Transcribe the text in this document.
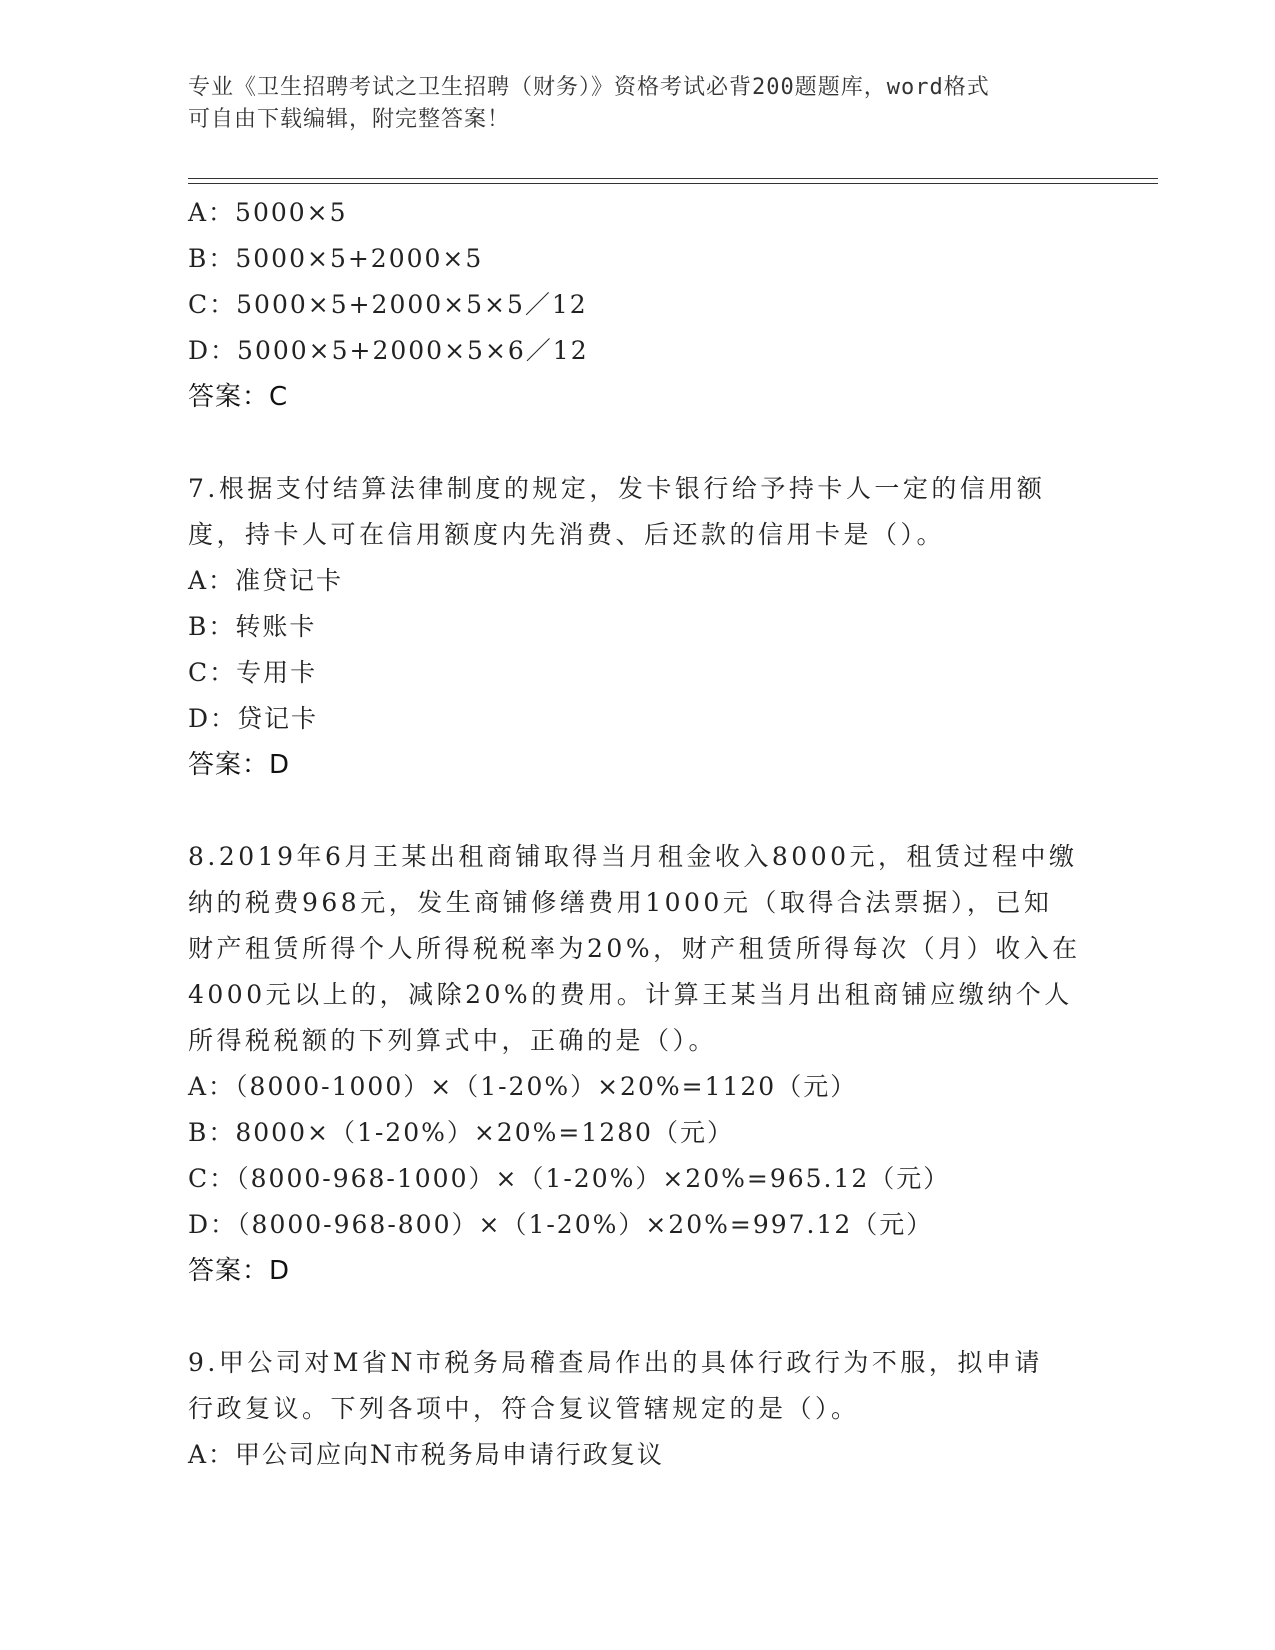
专业《卫生招聘考试之卫生招聘（财务）》资格考试必背200题题库，word格式
可自由下载编辑，附完整答案！
A：5000×5
B：5000×5+2000×5
C：5000×5+2000×5×5／12
D：5000×5+2000×5×6／12
答案：C
7.根据支付结算法律制度的规定，发卡银行给予持卡人一定的信用额
度，持卡人可在信用额度内先消费、后还款的信用卡是（）。
A：准贷记卡
B：转账卡
C：专用卡
D：贷记卡
答案：D
8.2019年6月王某出租商铺取得当月租金收入8000元，租赁过程中缴
纳的税费968元，发生商铺修缮费用1000元（取得合法票据），已知
财产租赁所得个人所得税税率为20%，财产租赁所得每次（月）收入在
4000元以上的，减除20%的费用。计算王某当月出租商铺应缴纳个人
所得税税额的下列算式中，正确的是（）。
A：（8000-1000）×（1-20%）×20%=1120（元）
B：8000×（1-20%）×20%=1280（元）
C：（8000-968-1000）×（1-20%）×20%=965.12（元）
D：（8000-968-800）×（1-20%）×20%=997.12（元）
答案：D
9.甲公司对M省N市税务局稽查局作出的具体行政行为不服，拟申请
行政复议。下列各项中，符合复议管辖规定的是（）。
A：甲公司应向N市税务局申请行政复议
